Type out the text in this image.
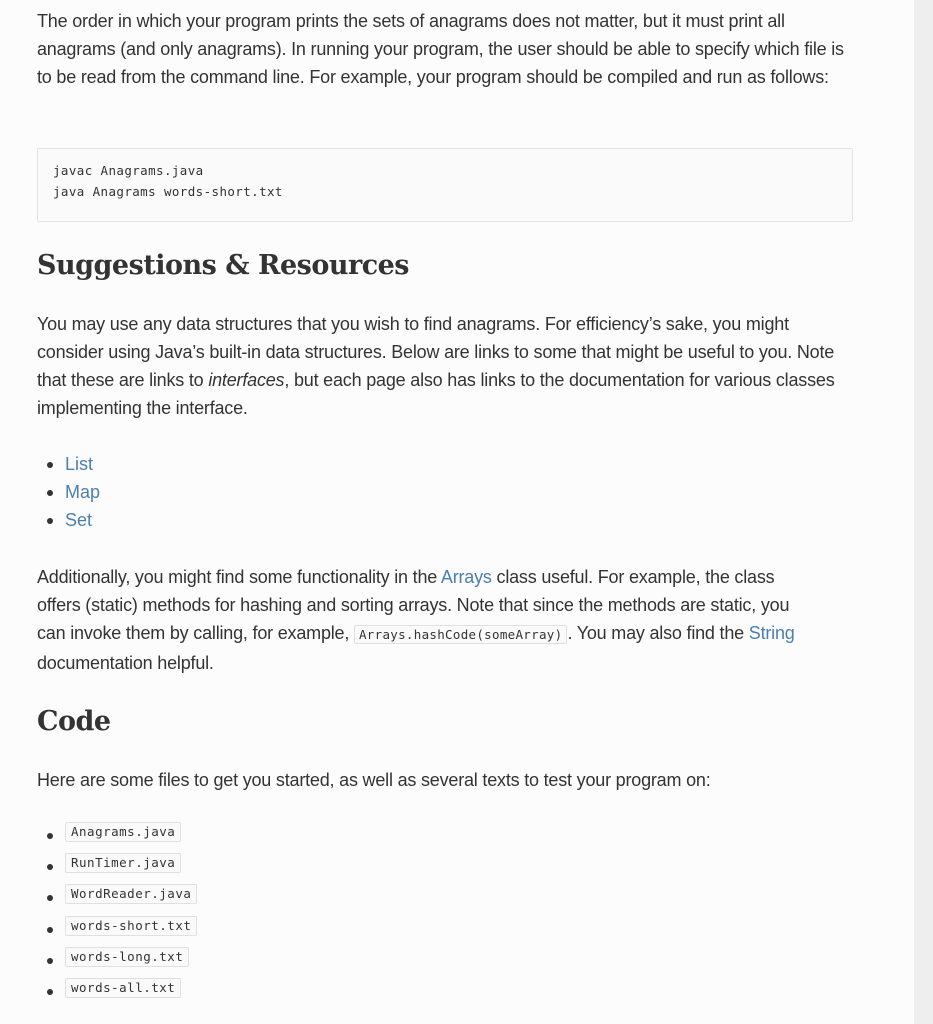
The order in which your program prints the sets of anagrams does not matter, but it must print all anagrams (and only anagrams). In running your program, the user should be able to specify which file is to be read from the command line. For example, your program should be compiled and run as follows:

javac Anagrams.java
java Anagrams words-short.txt
Suggestions & Resources

You may use any data structures that you wish to find anagrams. For efficiency’s sake, you might consider using Java’s built-in data structures. Below are links to some that might be useful to you. Note that these are links to interfaces, but each page also has links to the documentation for various classes implementing the interface.

List
Map
Set

Additionally, you might find some functionality in the Arrays class useful. For example, the class
offers (static) methods for hashing and sorting arrays. Note that since the methods are static, you
can invoke them by calling, for example, Arrays.hashCode(someArray) . You may also find the String
documentation helpful.

Code

Here are some files to get you started, as well as several texts to test your program on:

Anagrams.java
RunTimer.java
WordReader.java
words-short.txt
words-long.txt
words-all.txt
